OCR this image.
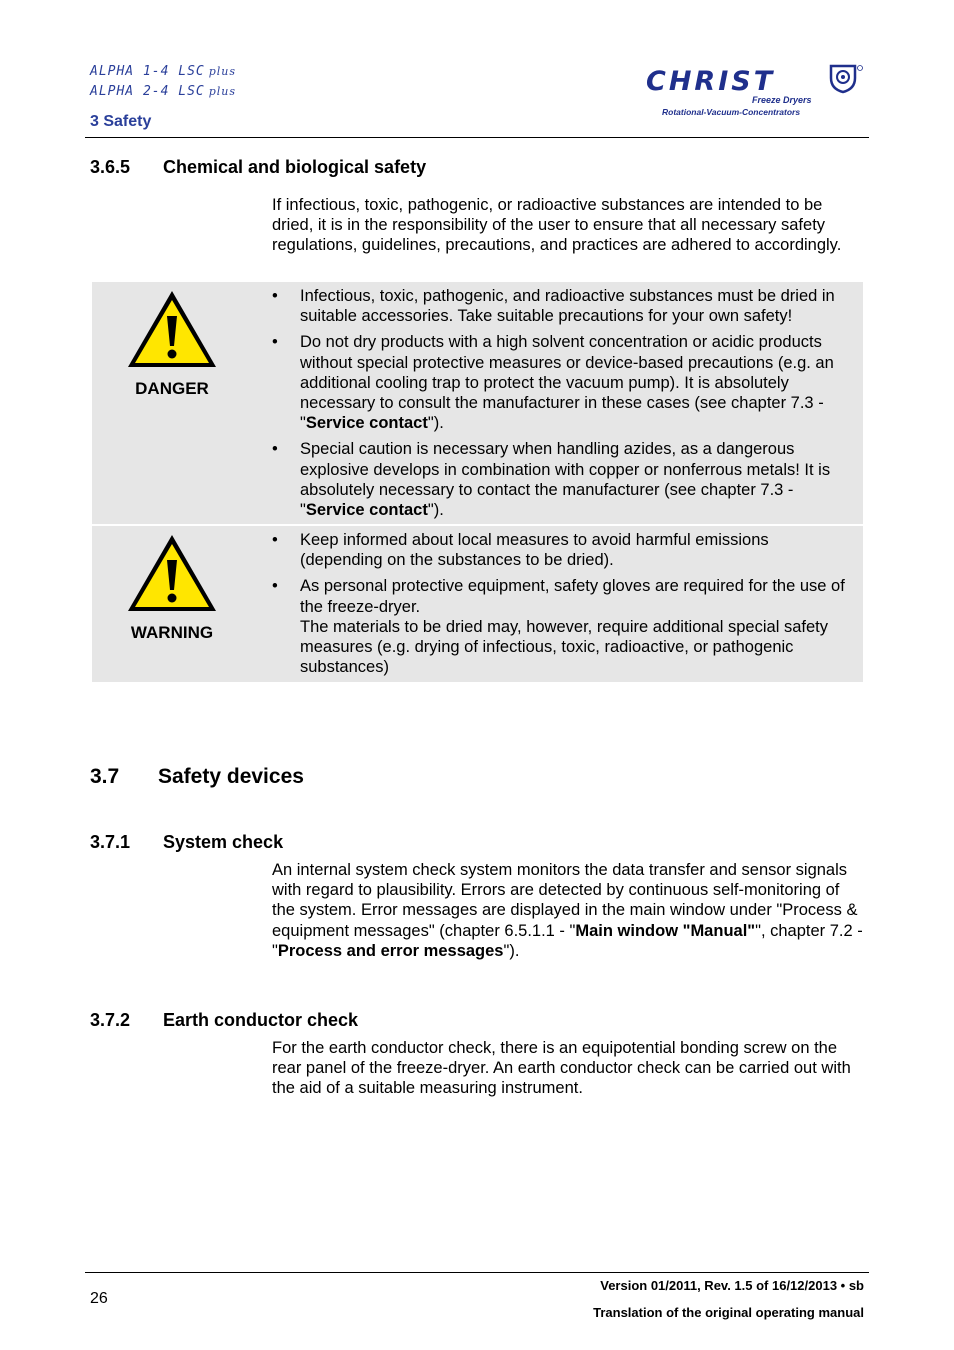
ALPHA 1-4 LSC plus
ALPHA 2-4 LSC plus
3 Safety
CHRIST
Freeze Dryers
Rotational-Vacuum-Concentrators
3.6.5 Chemical and biological safety
If infectious, toxic, pathogenic, or radioactive substances are intended to be dried, it is in the responsibility of the user to ensure that all necessary safety regulations, guidelines, precautions, and practices are adhered to accordingly.
DANGER
• Infectious, toxic, pathogenic, and radioactive substances must be dried in suitable accessories. Take suitable precautions for your own safety!
• Do not dry products with a high solvent concentration or acidic products without special protective measures or device-based precautions (e.g. an additional cooling trap to protect the vacuum pump). It is absolutely necessary to consult the manufacturer in these cases (see chapter 7.3 - "Service contact").
• Special caution is necessary when handling azides, as a dangerous explosive develops in combination with copper or nonferrous metals! It is absolutely necessary to contact the manufacturer (see chapter 7.3 - "Service contact").
WARNING
• Keep informed about local measures to avoid harmful emissions (depending on the substances to be dried).
• As personal protective equipment, safety gloves are required for the use of the freeze-dryer.
The materials to be dried may, however, require additional special safety measures (e.g. drying of infectious, toxic, radioactive, or pathogenic substances)
3.7 Safety devices
3.7.1 System check
An internal system check system monitors the data transfer and sensor signals with regard to plausibility. Errors are detected by continuous self-monitoring of the system. Error messages are displayed in the main window under "Process & equipment messages" (chapter 6.5.1.1 - "Main window "Manual"", chapter 7.2 - "Process and error messages").
3.7.2 Earth conductor check
For the earth conductor check, there is an equipotential bonding screw on the rear panel of the freeze-dryer. An earth conductor check can be carried out with the aid of a suitable measuring instrument.
26
Version 01/2011, Rev. 1.5 of 16/12/2013 • sb
Translation of the original operating manual
